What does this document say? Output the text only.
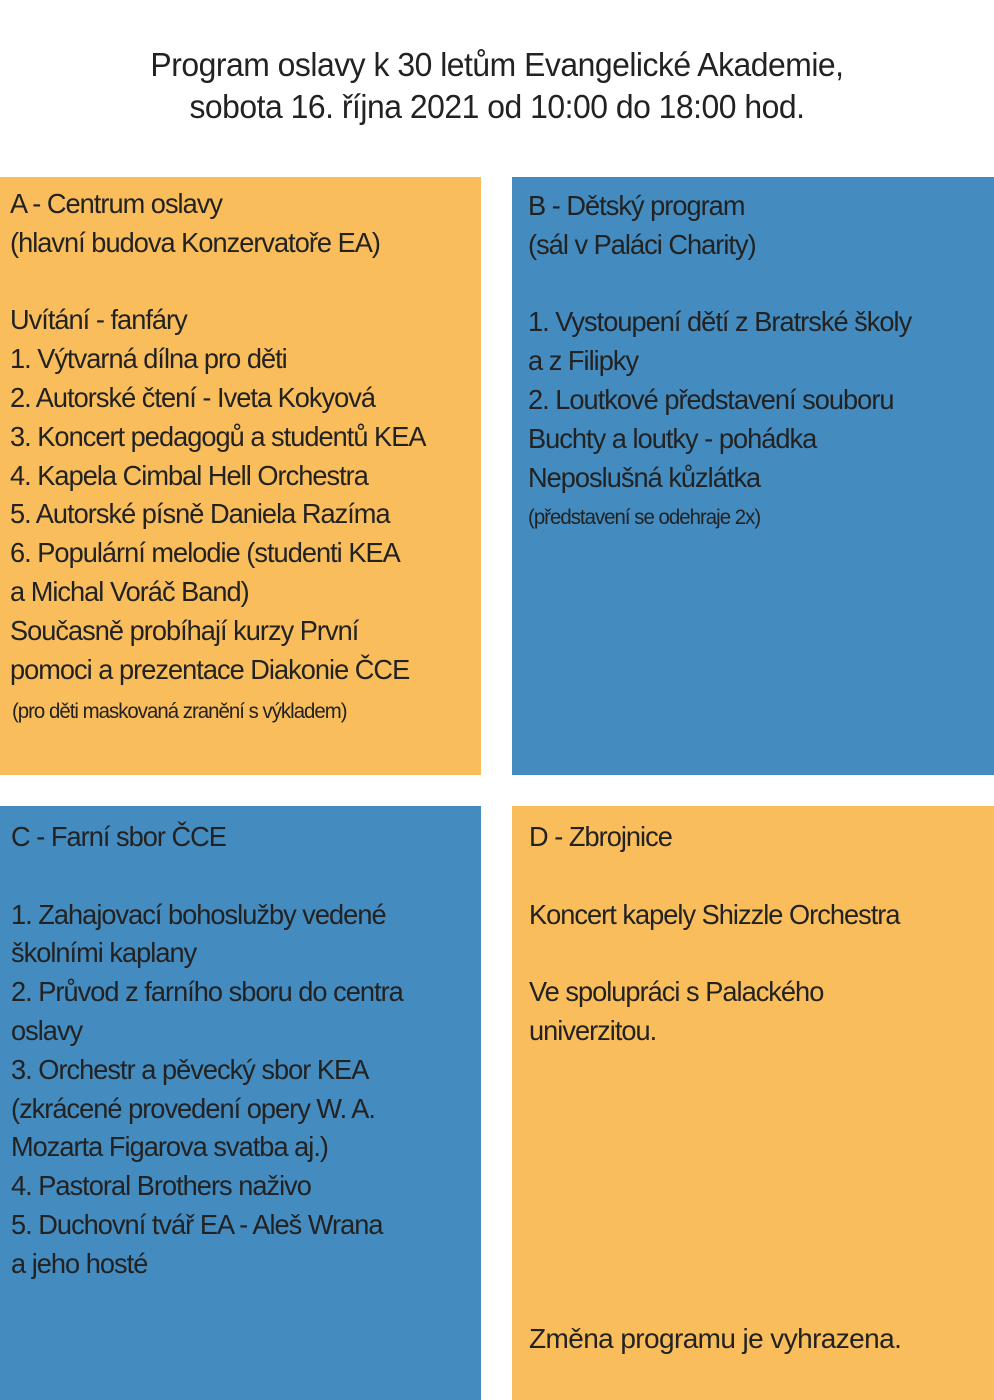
Program oslavy k 30 letům Evangelické Akademie,
sobota 16. října 2021 od 10:00 do 18:00 hod.
A - Centrum oslavy
(hlavní budova Konzervatoře EA)
Uvítání - fanfáry
1. Výtvarná dílna pro děti
2. Autorské čtení - Iveta Kokyová
3. Koncert pedagogů a studentů KEA
4. Kapela Cimbal Hell Orchestra
5. Autorské písně Daniela Razíma
6. Populární melodie (studenti KEA
a Michal Voráč Band)
Současně probíhají kurzy První
pomoci a prezentace Diakonie ČCE
(pro děti maskovaná zranění s výkladem)
B - Dětský program
(sál v Paláci Charity)
1. Vystoupení dětí z Bratrské školy
a z Filipky
2. Loutkové představení souboru
Buchty a loutky - pohádka
Neposlušná kůzlátka
(představení se odehraje 2x)
C - Farní sbor ČCE
1. Zahajovací bohoslužby vedené
školními kaplany
2. Průvod z farního sboru do centra
oslavy
3. Orchestr a pěvecký sbor KEA
(zkrácené provedení opery W. A.
Mozarta Figarova svatba aj.)
4. Pastoral Brothers naživo
5. Duchovní tvář EA - Aleš Wrana
a jeho hosté
D - Zbrojnice
Koncert kapely Shizzle Orchestra
Ve spolupráci s Palackého
univerzitou.
Změna programu je vyhrazena.
